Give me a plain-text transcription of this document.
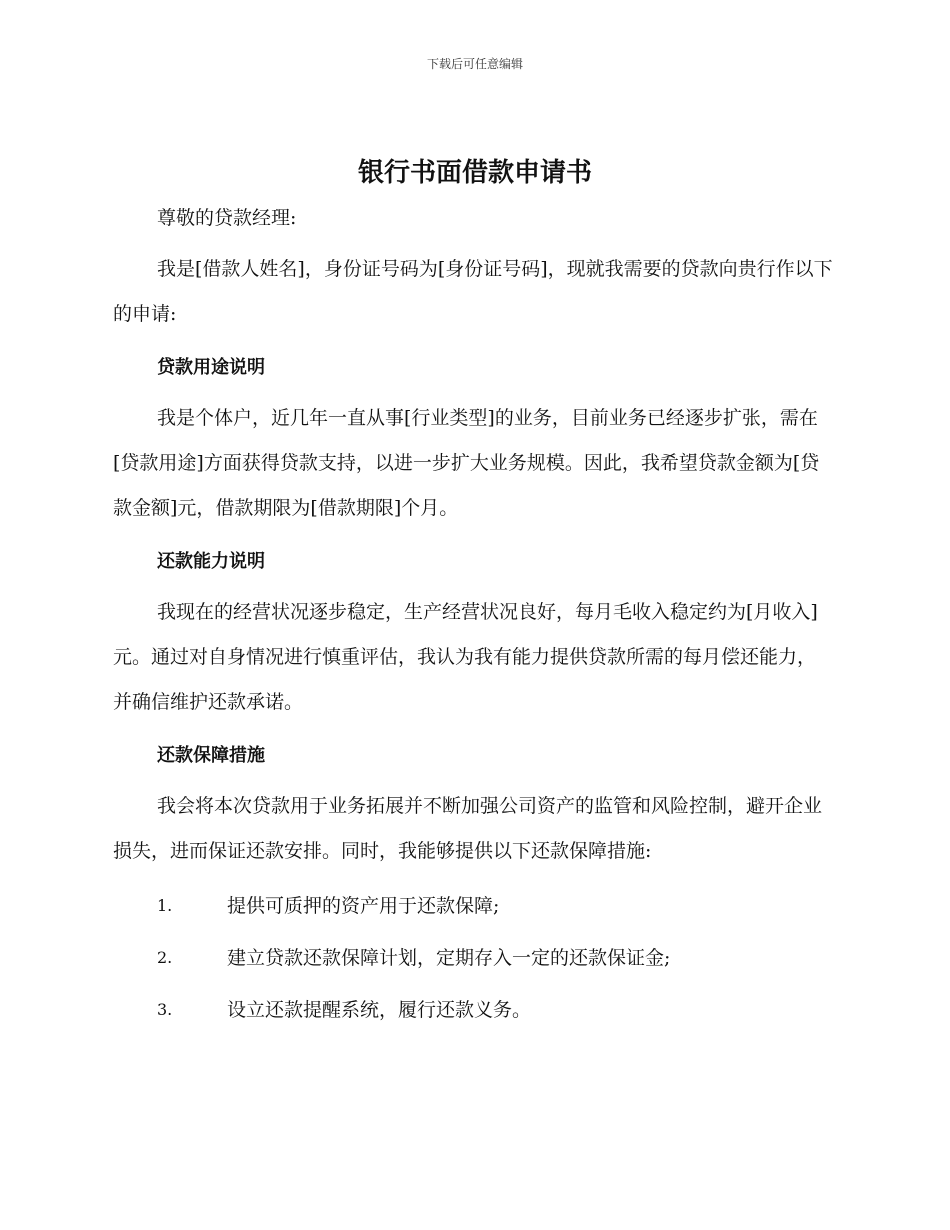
下载后可任意编辑
银行书面借款申请书

尊敬的贷款经理:

我是[借款人姓名]，身份证号码为[身份证号码]，现就我需要的贷款向贵行作以下的申请:

贷款用途说明

我是个体户，近几年一直从事[行业类型]的业务，目前业务已经逐步扩张，需在[贷款用途]方面获得贷款支持，以进一步扩大业务规模。因此，我希望贷款金额为[贷款金额]元，借款期限为[借款期限]个月。

还款能力说明

我现在的经营状况逐步稳定，生产经营状况良好，每月毛收入稳定约为[月收入]元。通过对自身情况进行慎重评估，我认为我有能力提供贷款所需的每月偿还能力，并确信维护还款承诺。

还款保障措施

我会将本次贷款用于业务拓展并不断加强公司资产的监管和风险控制，避开企业损失，进而保证还款安排。同时，我能够提供以下还款保障措施:

1.	提供可质押的资产用于还款保障;
2.	建立贷款还款保障计划，定期存入一定的还款保证金;
3.	设立还款提醒系统，履行还款义务。
